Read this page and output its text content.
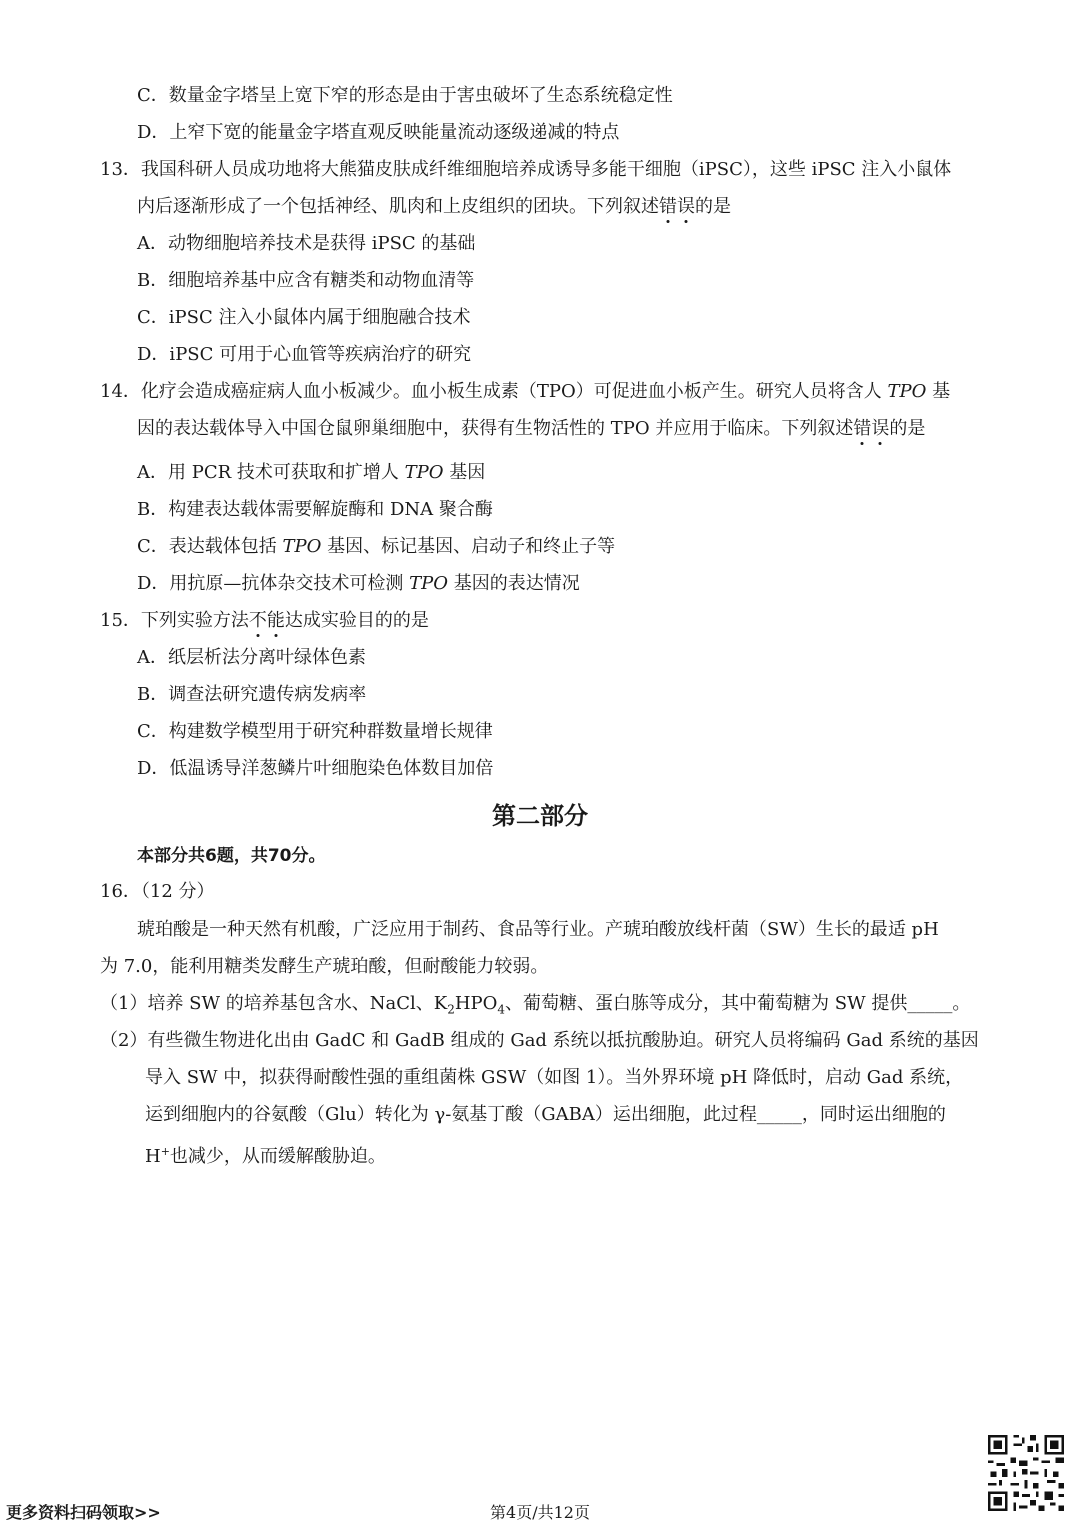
C．数量金字塔呈上宽下窄的形态是由于害虫破坏了生态系统稳定性
D．上窄下宽的能量金字塔直观反映能量流动逐级递减的特点
13．我国科研人员成功地将大熊猫皮肤成纤维细胞培养成诱导多能干细胞（iPSC），这些 iPSC 注入小鼠体
内后逐渐形成了一个包括神经、肌肉和上皮组织的团块。下列叙述错误的是
A．动物细胞培养技术是获得 iPSC 的基础
B．细胞培养基中应含有糖类和动物血清等
C．iPSC 注入小鼠体内属于细胞融合技术
D．iPSC 可用于心血管等疾病治疗的研究
14．化疗会造成癌症病人血小板减少。血小板生成素（TPO）可促进血小板产生。研究人员将含人 TPO 基
因的表达载体导入中国仓鼠卵巢细胞中，获得有生物活性的 TPO 并应用于临床。下列叙述错误的是
A．用 PCR 技术可获取和扩增人 TPO 基因
B．构建表达载体需要解旋酶和 DNA 聚合酶
C．表达载体包括 TPO 基因、标记基因、启动子和终止子等
D．用抗原—抗体杂交技术可检测 TPO 基因的表达情况
15．下列实验方法不能达成实验目的的是
A．纸层析法分离叶绿体色素
B．调查法研究遗传病发病率
C．构建数学模型用于研究种群数量增长规律
D．低温诱导洋葱鳞片叶细胞染色体数目加倍
第二部分
本部分共6题，共70分。
16．（12 分）
琥珀酸是一种天然有机酸，广泛应用于制药、食品等行业。产琥珀酸放线杆菌（SW）生长的最适 pH
为 7.0，能利用糖类发酵生产琥珀酸，但耐酸能力较弱。
（1）培养 SW 的培养基包含水、NaCl、$K_2HPO_4$、葡萄糖、蛋白胨等成分，其中葡萄糖为 SW 提供_____。
（2）有些微生物进化出由 GadC 和 GadB 组成的 Gad 系统以抵抗酸胁迫。研究人员将编码 Gad 系统的基因
导入 SW 中，拟获得耐酸性强的重组菌株 GSW（如图 1）。当外界环境 pH 降低时，启动 Gad 系统，
运到细胞内的谷氨酸（Glu）转化为 γ-氨基丁酸（GABA）运出细胞，此过程_____，同时运出细胞的
H+也减少，从而缓解酸胁迫。
更多资料扫码领取>>	第4页/共12页
